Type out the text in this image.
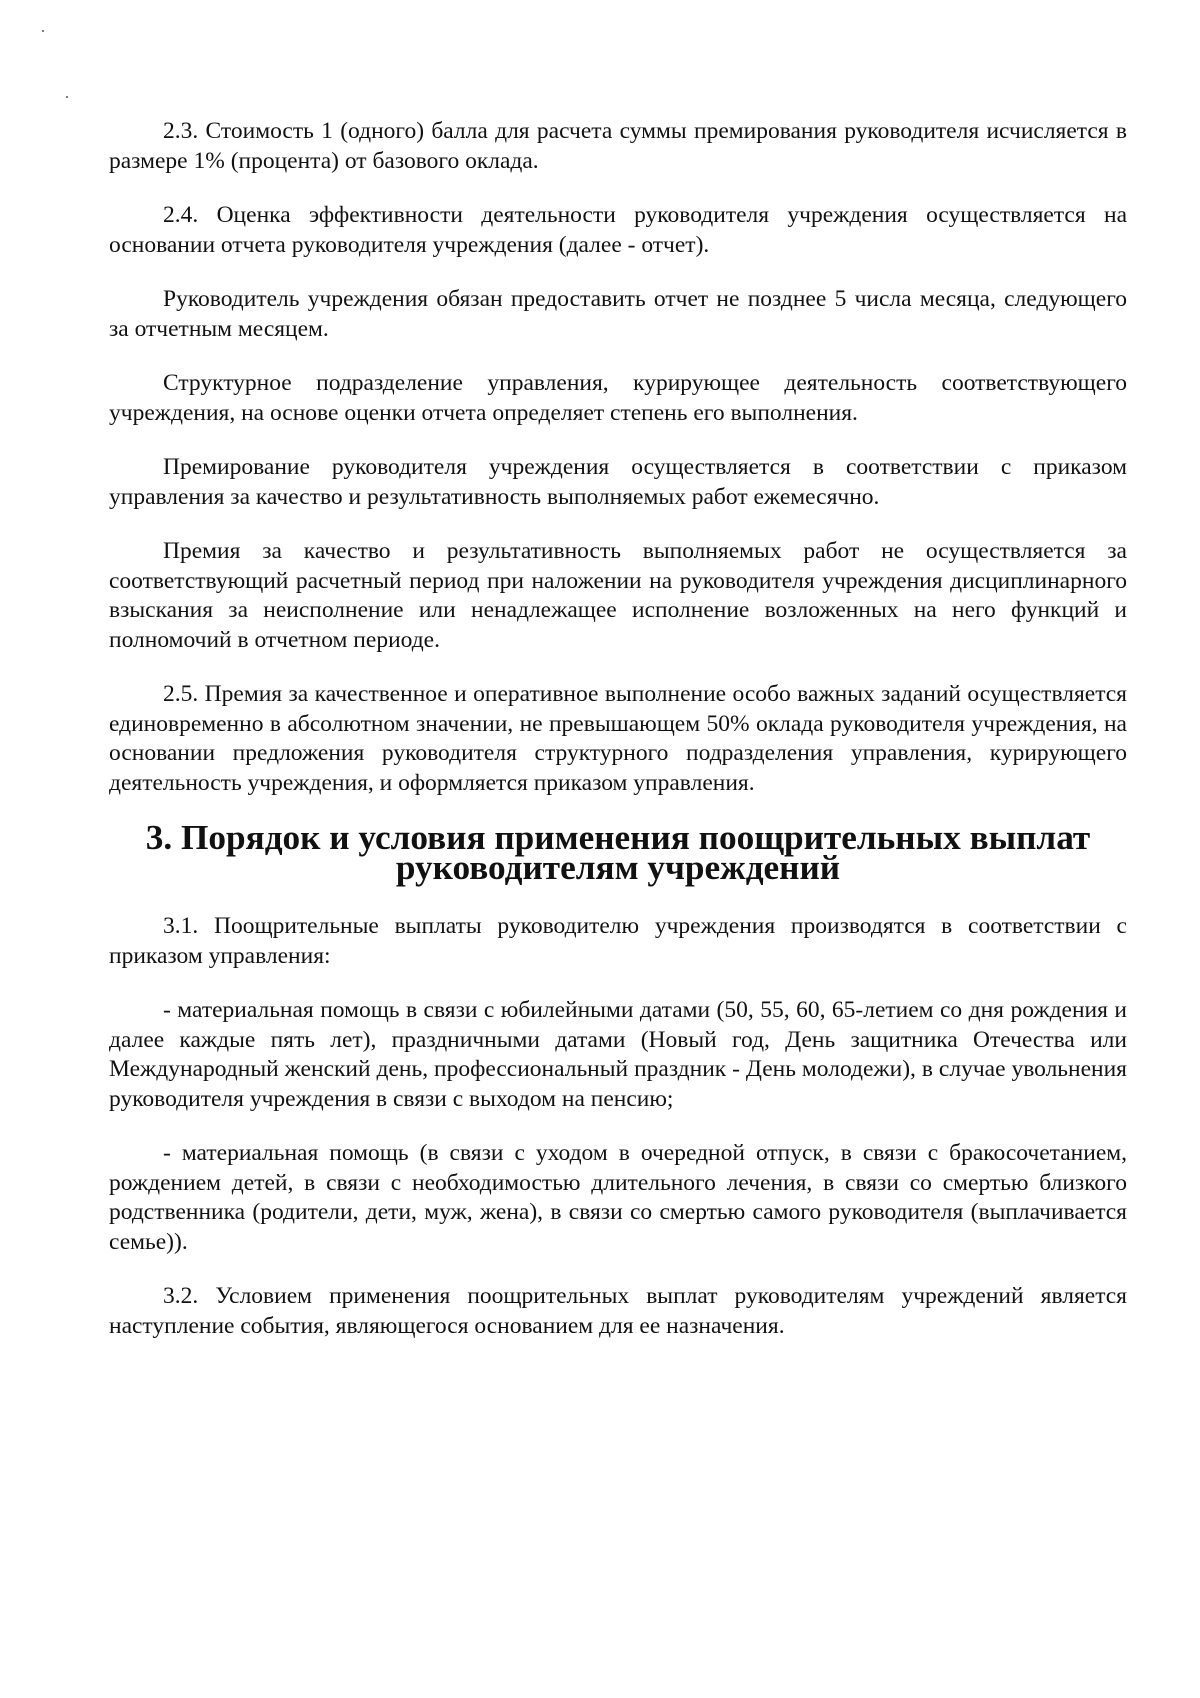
2.3. Стоимость 1 (одного) балла для расчета суммы премирования руководителя исчисляется в размере 1% (процента) от базового оклада.

2.4. Оценка эффективности деятельности руководителя учреждения осуществляется на основании отчета руководителя учреждения (далее - отчет).

Руководитель учреждения обязан предоставить отчет не позднее 5 числа месяца, следующего за отчетным месяцем.

Структурное подразделение управления, курирующее деятельность соответствующего учреждения, на основе оценки отчета определяет степень его выполнения.

Премирование руководителя учреждения осуществляется в соответствии с приказом управления за качество и результативность выполняемых работ ежемесячно.

Премия за качество и результативность выполняемых работ не осуществляется за соответствующий расчетный период при наложении на руководителя учреждения дисциплинарного взыскания за неисполнение или ненадлежащее исполнение возложенных на него функций и полномочий в отчетном периоде.

2.5. Премия за качественное и оперативное выполнение особо важных заданий осуществляется единовременно в абсолютном значении, не превышающем 50% оклада руководителя учреждения, на основании предложения руководителя структурного подразделения управления, курирующего деятельность учреждения, и оформляется приказом управления.

3. Порядок и условия применения поощрительных выплат
руководителям учреждений

3.1. Поощрительные выплаты руководителю учреждения производятся в соответствии с приказом управления:

- материальная помощь в связи с юбилейными датами (50, 55, 60, 65-летием со дня рождения и далее каждые пять лет), праздничными датами (Новый год, День защитника Отечества или Международный женский день, профессиональный праздник - День молодежи), в случае увольнения руководителя учреждения в связи с выходом на пенсию;

- материальная помощь (в связи с уходом в очередной отпуск, в связи с бракосочетанием, рождением детей, в связи с необходимостью длительного лечения, в связи со смертью близкого родственника (родители, дети, муж, жена), в связи со смертью самого руководителя (выплачивается семье)).

3.2. Условием применения поощрительных выплат руководителям учреждений является наступление события, являющегося основанием для ее назначения.
